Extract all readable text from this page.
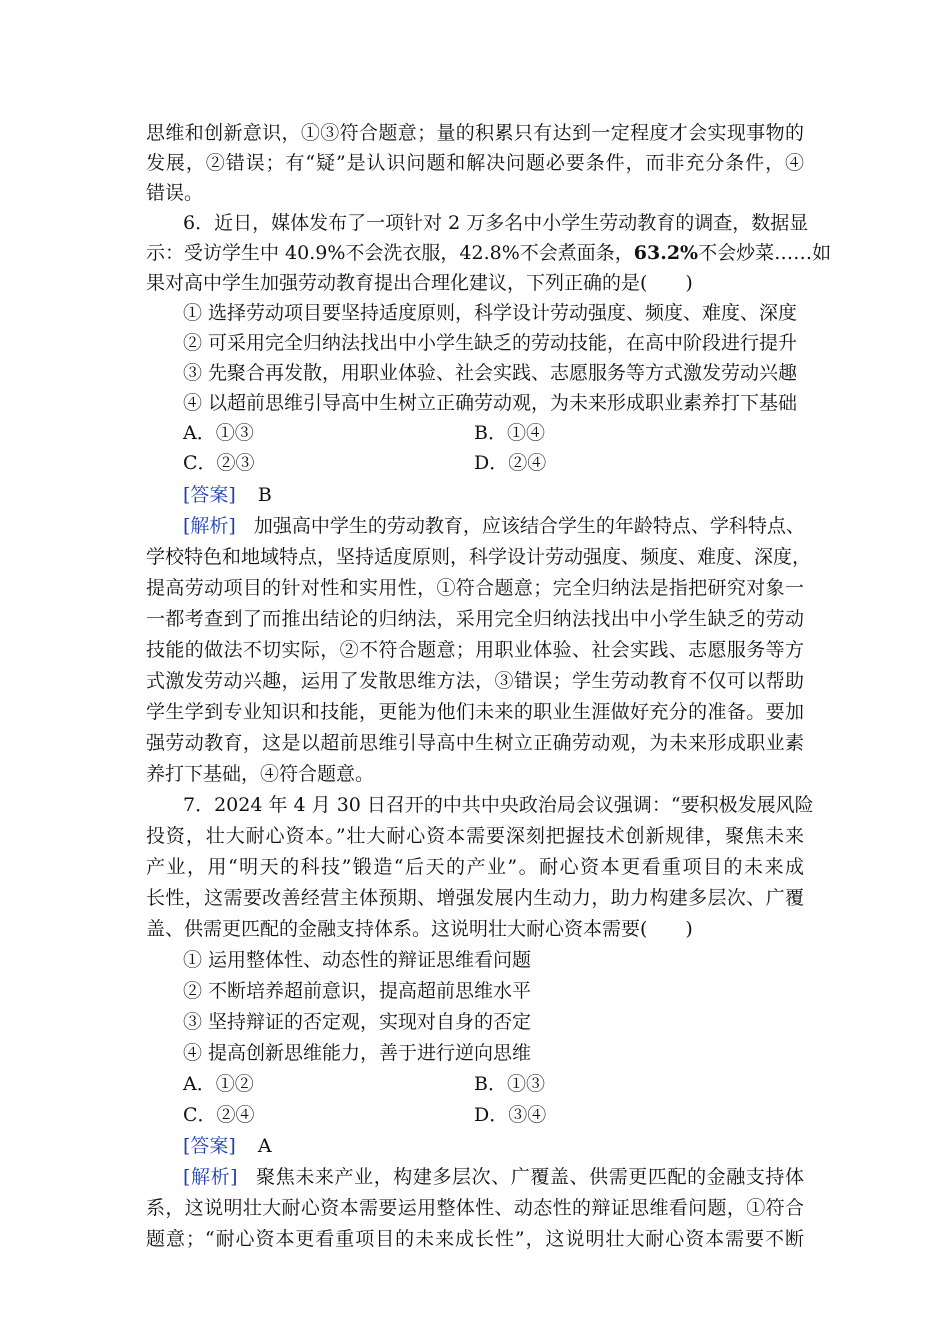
思维和创新意识，①③符合题意；量的积累只有达到一定程度才会实现事物的
发展，②错误；有“疑”是认识问题和解决问题必要条件，而非充分条件，④
错误。
6．近日，媒体发布了一项针对 2 万多名中小学生劳动教育的调查，数据显
示：受访学生中 40.9%不会洗衣服，42.8%不会煮面条，63.2%不会炒菜……如
果对高中学生加强劳动教育提出合理化建议，下列正确的是(　　)
① 选择劳动项目要坚持适度原则，科学设计劳动强度、频度、难度、深度
② 可采用完全归纳法找出中小学生缺乏的劳动技能，在高中阶段进行提升
③ 先聚合再发散，用职业体验、社会实践、志愿服务等方式激发劳动兴趣
④ 以超前思维引导高中生树立正确劳动观，为未来形成职业素养打下基础
A．①③	B．①④
C．②③	D．②④
[答案] B
[解析] 加强高中学生的劳动教育，应该结合学生的年龄特点、学科特点、
学校特色和地域特点，坚持适度原则，科学设计劳动强度、频度、难度、深度，
提高劳动项目的针对性和实用性，①符合题意；完全归纳法是指把研究对象一
一都考查到了而推出结论的归纳法，采用完全归纳法找出中小学生缺乏的劳动
技能的做法不切实际，②不符合题意；用职业体验、社会实践、志愿服务等方
式激发劳动兴趣，运用了发散思维方法，③错误；学生劳动教育不仅可以帮助
学生学到专业知识和技能，更能为他们未来的职业生涯做好充分的准备。要加
强劳动教育，这是以超前思维引导高中生树立正确劳动观，为未来形成职业素
养打下基础，④符合题意。
7．2024 年 4 月 30 日召开的中共中央政治局会议强调：“要积极发展风险
投资，壮大耐心资本。”壮大耐心资本需要深刻把握技术创新规律，聚焦未来
产业，用“明天的科技”锻造“后天的产业”。耐心资本更看重项目的未来成
长性，这需要改善经营主体预期、增强发展内生动力，助力构建多层次、广覆
盖、供需更匹配的金融支持体系。这说明壮大耐心资本需要(　　)
① 运用整体性、动态性的辩证思维看问题
② 不断培养超前意识，提高超前思维水平
③ 坚持辩证的否定观，实现对自身的否定
④ 提高创新思维能力，善于进行逆向思维
A．①②	B．①③
C．②④	D．③④
[答案] A
[解析] 聚焦未来产业，构建多层次、广覆盖、供需更匹配的金融支持体
系，这说明壮大耐心资本需要运用整体性、动态性的辩证思维看问题，①符合
题意；“耐心资本更看重项目的未来成长性”，这说明壮大耐心资本需要不断
